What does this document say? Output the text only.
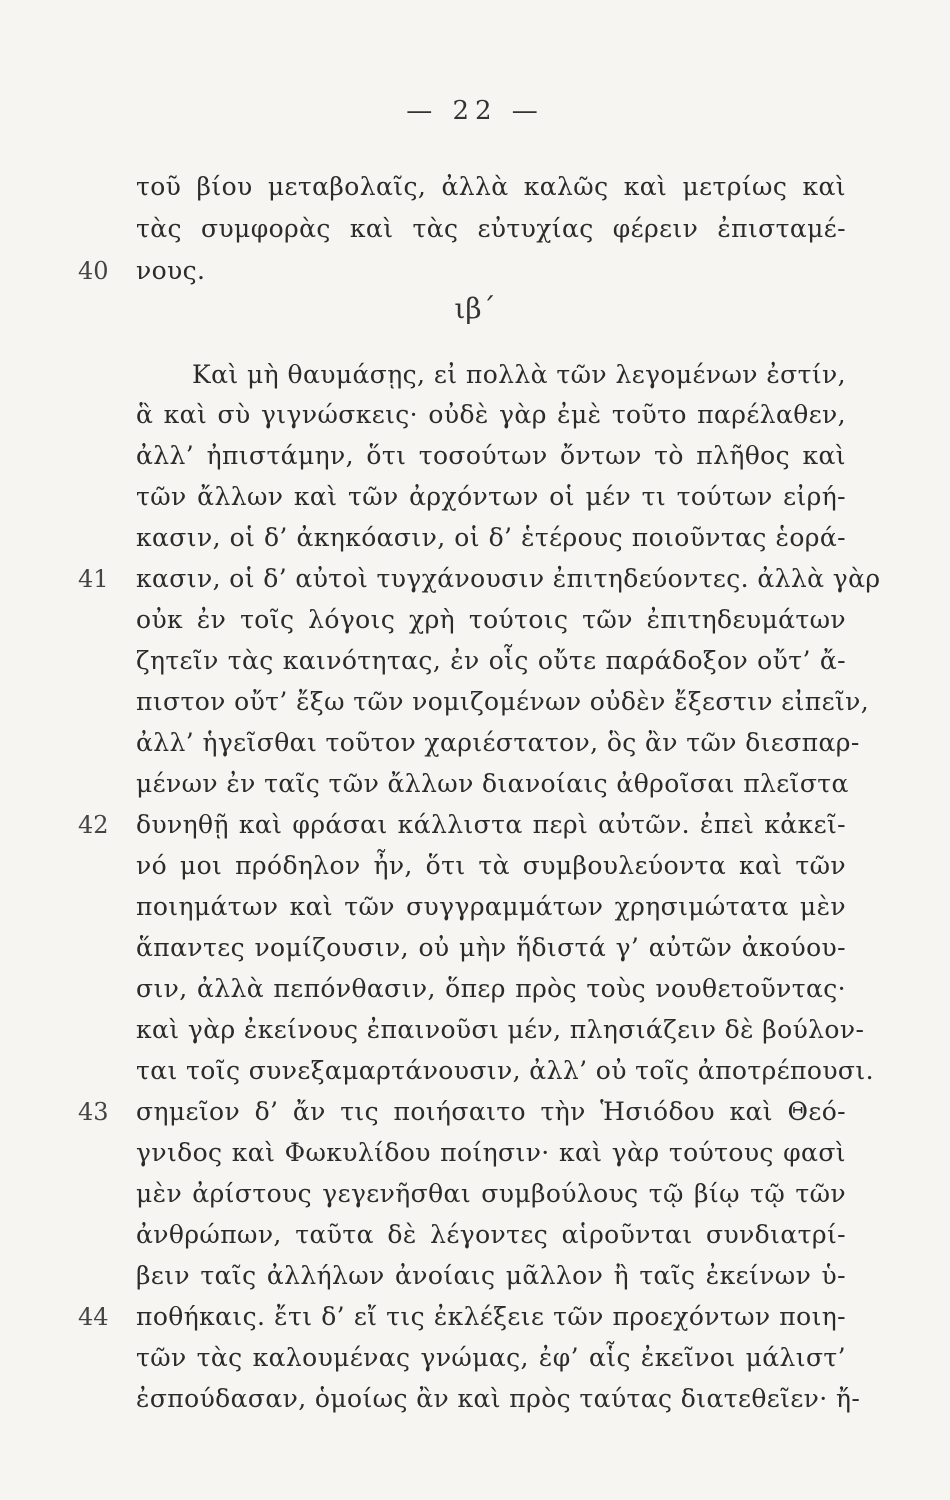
— 22 —
τοῦ βίου μεταβολαῖς, ἀλλὰ καλῶς καὶ μετρίως καὶ
τὰς συμφορὰς καὶ τὰς εὐτυχίας φέρειν ἐπισταμέ-
40 νους.
ιβ΄
Καὶ μὴ θαυμάσῃς, εἰ πολλὰ τῶν λεγομένων ἐστίν,
ἃ καὶ σὺ γιγνώσκεις· οὐδὲ γὰρ ἐμὲ τοῦτο παρέλαθεν,
ἀλλ’ ἠπιστάμην, ὅτι τοσούτων ὄντων τὸ πλῆθος καὶ
τῶν ἄλλων καὶ τῶν ἀρχόντων οἱ μέν τι τούτων εἰρή-
κασιν, οἱ δ’ ἀκηκόασιν, οἱ δ’ ἑτέρους ποιοῦντας ἑορά-
41 κασιν, οἱ δ’ αὐτοὶ τυγχάνουσιν ἐπιτηδεύοντες. ἀλλὰ γὰρ
οὐκ ἐν τοῖς λόγοις χρὴ τούτοις τῶν ἐπιτηδευμάτων
ζητεῖν τὰς καινότητας, ἐν οἷς οὔτε παράδοξον οὔτ’ ἄ-
πιστον οὔτ’ ἔξω τῶν νομιζομένων οὐδὲν ἔξεστιν εἰπεῖν,
ἀλλ’ ἡγεῖσθαι τοῦτον χαριέστατον, ὃς ἂν τῶν διεσπαρ-
μένων ἐν ταῖς τῶν ἄλλων διανοίαις ἀθροῖσαι πλεῖστα
42 δυνηθῇ καὶ φράσαι κάλλιστα περὶ αὐτῶν. ἐπεὶ κἀκεῖ-
νό μοι πρόδηλον ἦν, ὅτι τὰ συμβουλεύοντα καὶ τῶν
ποιημάτων καὶ τῶν συγγραμμάτων χρησιμώτατα μὲν
ἅπαντες νομίζουσιν, οὐ μὴν ἥδιστά γ’ αὐτῶν ἀκούου-
σιν, ἀλλὰ πεπόνθασιν, ὅπερ πρὸς τοὺς νουθετοῦντας·
καὶ γὰρ ἐκείνους ἐπαινοῦσι μέν, πλησιάζειν δὲ βούλον-
ται τοῖς συνεξαμαρτάνουσιν, ἀλλ’ οὐ τοῖς ἀποτρέπουσι.
43 σημεῖον δ’ ἄν τις ποιήσαιτο τὴν Ἡσιόδου καὶ Θεό-
γνιδος καὶ Φωκυλίδου ποίησιν· καὶ γὰρ τούτους φασὶ
μὲν ἀρίστους γεγενῆσθαι συμβούλους τῷ βίῳ τῷ τῶν
ἀνθρώπων, ταῦτα δὲ λέγοντες αἱροῦνται συνδιατρί-
βειν ταῖς ἀλλήλων ἀνοίαις μᾶλλον ἢ ταῖς ἐκείνων ὑ-
44 ποθήκαις. ἔτι δ’ εἴ τις ἐκλέξειε τῶν προεχόντων ποιη-
τῶν τὰς καλουμένας γνώμας, ἐφ’ αἷς ἐκεῖνοι μάλιστ’
ἐσπούδασαν, ὁμοίως ἂν καὶ πρὸς ταύτας διατεθεῖεν· ἤ-
